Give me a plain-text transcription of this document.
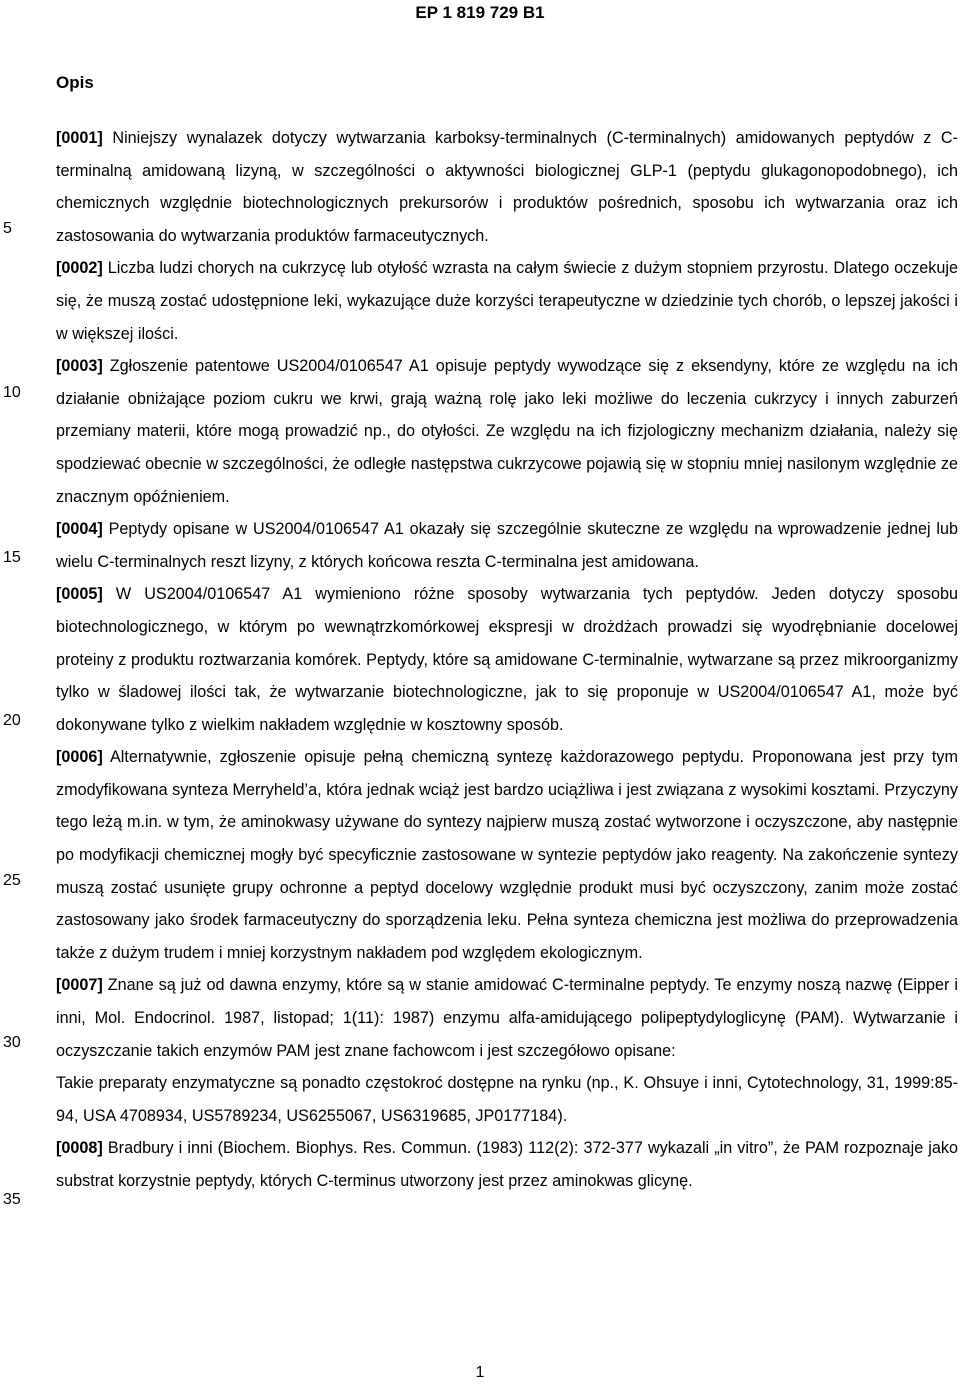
EP 1 819 729 B1
Opis
5
10
15
20
25
30
35

[0001] Niniejszy wynalazek dotyczy wytwarzania karboksy-terminalnych (C-terminalnych) amidowanych peptydów z C-terminalną amidowaną lizyną, w szczególności o aktywności biologicznej GLP-1 (peptydu glukagonopodobnego), ich chemicznych względnie biotechnologicznych prekursorów i produktów pośrednich, sposobu ich wytwarzania oraz ich zastosowania do wytwarzania produktów farmaceutycznych.

[0002] Liczba ludzi chorych na cukrzycę lub otyłość wzrasta na całym świecie z dużym stopniem przyrostu. Dlatego oczekuje się, że muszą zostać udostępnione leki, wykazujące duże korzyści terapeutyczne w dziedzinie tych chorób, o lepszej jakości i w większej ilości.

[0003] Zgłoszenie patentowe US2004/0106547 A1 opisuje peptydy wywodzące się z eksendyny, które ze względu na ich działanie obniżające poziom cukru we krwi, grają ważną rolę jako leki możliwe do leczenia cukrzycy i innych zaburzeń przemiany materii, które mogą prowadzić np., do otyłości. Ze względu na ich fizjologiczny mechanizm działania, należy się spodziewać obecnie w szczególności, że odległe następstwa cukrzycowe pojawią się w stopniu mniej nasilonym względnie ze znacznym opóźnieniem.

[0004] Peptydy opisane w US2004/0106547 A1 okazały się szczególnie skuteczne ze względu na wprowadzenie jednej lub wielu C-terminalnych reszt lizyny, z których końcowa reszta C-terminalna jest amidowana.

[0005] W US2004/0106547 A1 wymieniono różne sposoby wytwarzania tych peptydów. Jeden dotyczy sposobu biotechnologicznego, w którym po wewnątrzkomórkowej ekspresji w drożdżach prowadzi się wyodrębnianie docelowej proteiny z produktu roztwarzania komórek. Peptydy, które są amidowane C-terminalnie, wytwarzane są przez mikroorganizmy tylko w śladowej ilości tak, że wytwarzanie biotechnologiczne, jak to się proponuje w US2004/0106547 A1, może być dokonywane tylko z wielkim nakładem względnie w kosztowny sposób.

[0006] Alternatywnie, zgłoszenie opisuje pełną chemiczną syntezę każdorazowego peptydu. Proponowana jest przy tym zmodyfikowana synteza Merryheld’a, która jednak wciąż jest bardzo uciążliwa i jest związana z wysokimi kosztami. Przyczyny tego leżą m.in. w tym, że aminokwasy używane do syntezy najpierw muszą zostać wytworzone i oczyszczone, aby następnie po modyfikacji chemicznej mogły być specyficznie zastosowane w syntezie peptydów jako reagenty. Na zakończenie syntezy muszą zostać usunięte grupy ochronne a peptyd docelowy względnie produkt musi być oczyszczony, zanim może zostać zastosowany jako środek farmaceutyczny do sporządzenia leku. Pełna synteza chemiczna jest możliwa do przeprowadzenia także z dużym trudem i mniej korzystnym nakładem pod względem ekologicznym.

[0007] Znane są już od dawna enzymy, które są w stanie amidować C-terminalne peptydy. Te enzymy noszą nazwę (Eipper i inni, Mol. Endocrinol. 1987, listopad; 1(11): 1987) enzymu alfa-amidującego polipeptydyloglicynę (PAM). Wytwarzanie i oczyszczanie takich enzymów PAM jest znane fachowcom i jest szczegółowo opisane:

Takie preparaty enzymatyczne są ponadto częstokroć dostępne na rynku (np., K. Ohsuye i inni, Cytotechnology, 31, 1999:85-94, USA 4708934, US5789234, US6255067, US6319685, JP0177184).

[0008] Bradbury i inni (Biochem. Biophys. Res. Commun. (1983) 112(2): 372-377 wykazali „in vitro”, że PAM rozpoznaje jako substrat korzystnie peptydy, których C-terminus utworzony jest przez aminokwas glicynę.

1
